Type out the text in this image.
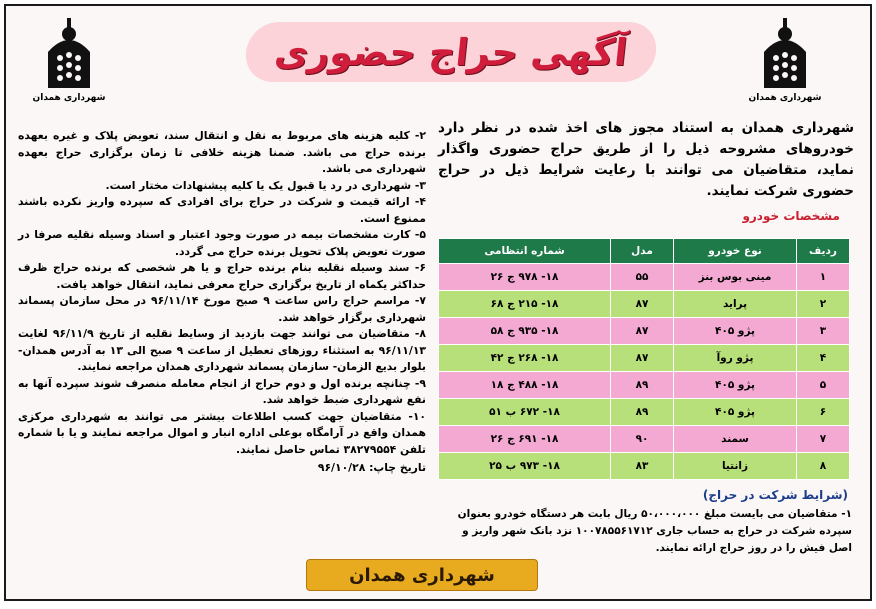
شهرداری همدان
آگهی حراج حضوری
شهرداری همدان
شهرداری همدان به استناد مجوز های اخذ شده در نظر دارد خودروهای مشروحه ذیل را از طریق حراج حضوری واگذار نماید، متقاضیان می توانند با رعایت شرایط ذیل در حراج حضوری شرکت نمایند.
مشخصات خودرو
ردیف	نوع خودرو	مدل	شماره انتظامی
۱	مینی بوس بنز	۵۵	۱۸- ۹۷۸ ج ۲۶
۲	پراید	۸۷	۱۸- ۲۱۵ ج ۶۸
۳	پژو ۴۰۵	۸۷	۱۸- ۹۳۵ ج ۵۸
۴	پژو روآ	۸۷	۱۸- ۲۶۸ ج ۴۲
۵	پژو ۴۰۵	۸۹	۱۸- ۴۸۸ ج ۱۸
۶	پژو ۴۰۵	۸۹	۱۸- ۶۷۲ ب ۵۱
۷	سمند	۹۰	۱۸- ۶۹۱ ج ۲۶
۸	زانتیا	۸۳	۱۸- ۹۷۳ ب ۲۵
(شرایط شرکت در حراج)
۱- متقاضیان می بایست مبلغ ۵۰،۰۰۰،۰۰۰ ریال بابت هر دستگاه خودرو بعنوان سپرده شرکت در حراج به حساب جاری ۱۰۰۷۸۵۵۶۱۷۱۲ نزد بانک شهر واریز و اصل فیش را در روز حراج ارائه نمایند.

۲- کلیه هزینه های مربوط به نقل و انتقال سند، تعویض پلاک و غیره بعهده برنده حراج می باشد. ضمنا هزینه خلافی تا زمان برگزاری حراج بعهده شهرداری می باشد.

۳- شهرداری در رد یا قبول یک یا کلیه پیشنهادات مختار است.

۴- ارائه قیمت و شرکت در حراج برای افرادی که سپرده واریز نکرده باشند ممنوع است.

۵- کارت مشخصات بیمه در صورت وجود اعتبار و اسناد وسیله نقلیه صرفا در صورت تعویض پلاک تحویل برنده حراج می گردد.

۶- سند وسیله نقلیه بنام برنده حراج و یا هر شخصی که برنده حراج ظرف حداکثر یکماه از تاریخ برگزاری حراج معرفی نماید، انتقال خواهد یافت.

۷- مراسم حراج راس ساعت ۹ صبح مورخ ۹۶/۱۱/۱۴ در محل سازمان پسماند شهرداری برگزار خواهد شد.

۸- متقاضیان می توانند جهت بازدید از وسایط نقلیه از تاریخ ۹۶/۱۱/۹ لغایت ۹۶/۱۱/۱۳ به استثناء روزهای تعطیل از ساعت ۹ صبح الی ۱۳ به آدرس همدان- بلوار بدیع الزمان- سازمان پسماند شهرداری همدان مراجعه نمایند.

۹- چنانچه برنده اول و دوم حراج از انجام معامله منصرف شوند سپرده آنها به نفع شهرداری ضبط خواهد شد.

۱۰- متقاضیان جهت کسب اطلاعات بیشتر می توانند به شهرداری مرکزی همدان واقع در آرامگاه بوعلی اداره انبار و اموال مراجعه نمایند و یا با شماره تلفن ۳۸۲۷۹۵۵۴ تماس حاصل نمایند.

تاریخ چاپ: ۹۶/۱۰/۲۸

شهرداری همدان
